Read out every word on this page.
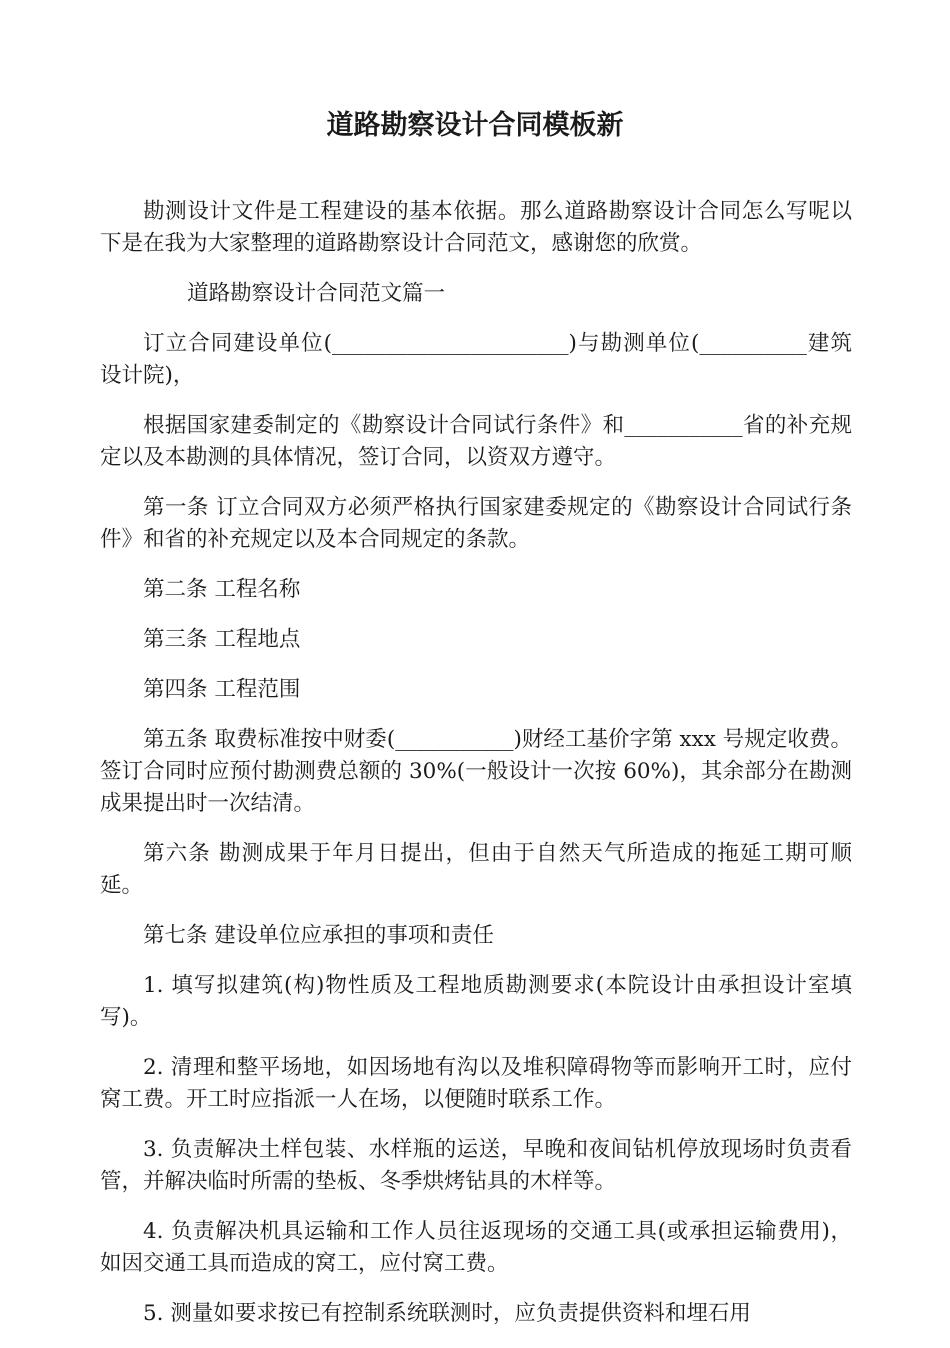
道路勘察设计合同模板新

勘测设计文件是工程建设的基本依据。那么道路勘察设计合同怎么写呢以下是在我为大家整理的道路勘察设计合同范文，感谢您的欣赏。

道路勘察设计合同范文篇一

订立合同建设单位(______________________)与勘测单位(__________建筑设计院)，

根据国家建委制定的《勘察设计合同试行条件》和___________省的补充规定以及本勘测的具体情况，签订合同，以资双方遵守。

第一条 订立合同双方必须严格执行国家建委规定的《勘察设计合同试行条件》和省的补充规定以及本合同规定的条款。

第二条 工程名称

第三条 工程地点

第四条 工程范围

第五条 取费标准按中财委(___________)财经工基价字第 xxx 号规定收费。签订合同时应预付勘测费总额的 30%(一般设计一次按 60%)，其余部分在勘测成果提出时一次结清。

第六条 勘测成果于年月日提出，但由于自然天气所造成的拖延工期可顺延。

第七条 建设单位应承担的事项和责任

1. 填写拟建筑(构)物性质及工程地质勘测要求(本院设计由承担设计室填写)。

2. 清理和整平场地，如因场地有沟以及堆积障碍物等而影响开工时，应付窝工费。开工时应指派一人在场，以便随时联系工作。

3. 负责解决土样包装、水样瓶的运送，早晚和夜间钻机停放现场时负责看管，并解决临时所需的垫板、冬季烘烤钻具的木样等。

4. 负责解决机具运输和工作人员往返现场的交通工具(或承担运输费用)，如因交通工具而造成的窝工，应付窝工费。

5. 测量如要求按已有控制系统联测时，应负责提供资料和埋石用
